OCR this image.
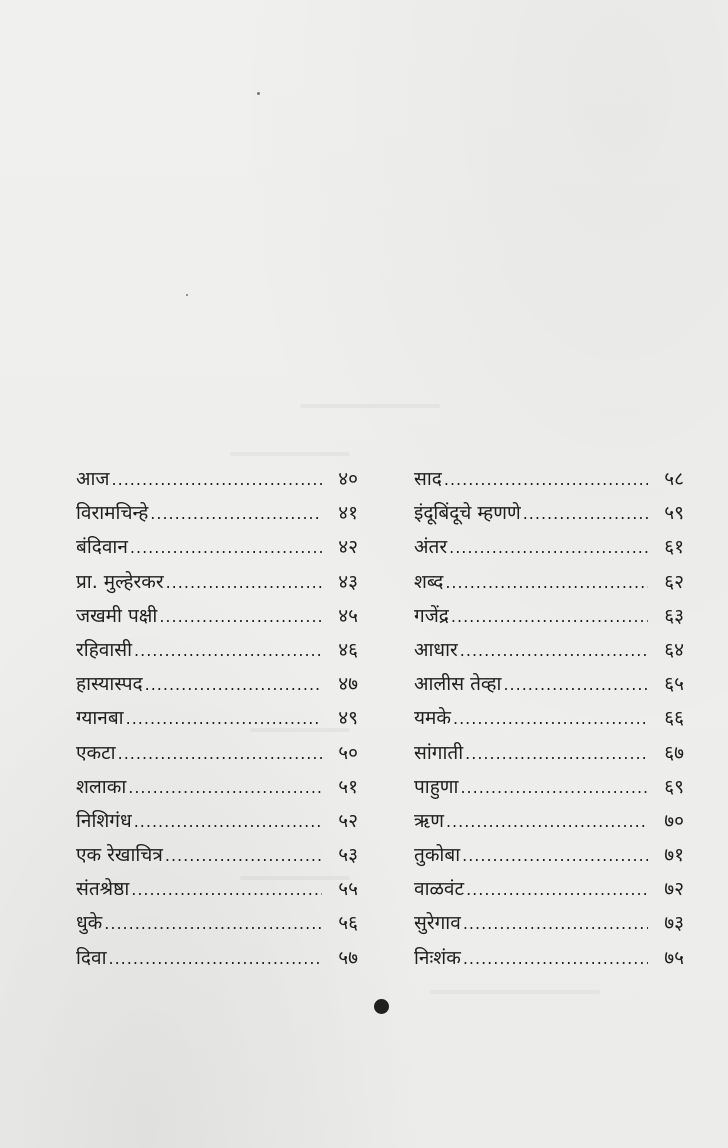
आज .....	४०
विरामचिन्हे .....	४१
बंदिवान .....	४२
प्रा. मुल्हेरकर .....	४३
जखमी पक्षी .....	४५
रहिवासी .....	४६
हास्यास्पद .....	४७
ग्यानबा .....	४९
एकटा .....	५०
शलाका .....	५१
निशिगंध .....	५२
एक रेखाचित्र .....	५३
संतश्रेष्ठा .....	५५
धुके .....	५६
दिवा .....	५७
साद .....	५८
इंदूबिंदूचे म्हणणे .....	५९
अंतर .....	६१
शब्द .....	६२
गजेंद्र .....	६३
आधार .....	६४
आलीस तेव्हा .....	६५
यमके .....	६६
सांगाती .....	६७
पाहुणा .....	६९
ऋण .....	७०
तुकोबा .....	७१
वाळवंट .....	७२
सुरेगाव .....	७३
निःशंक .....	७५
